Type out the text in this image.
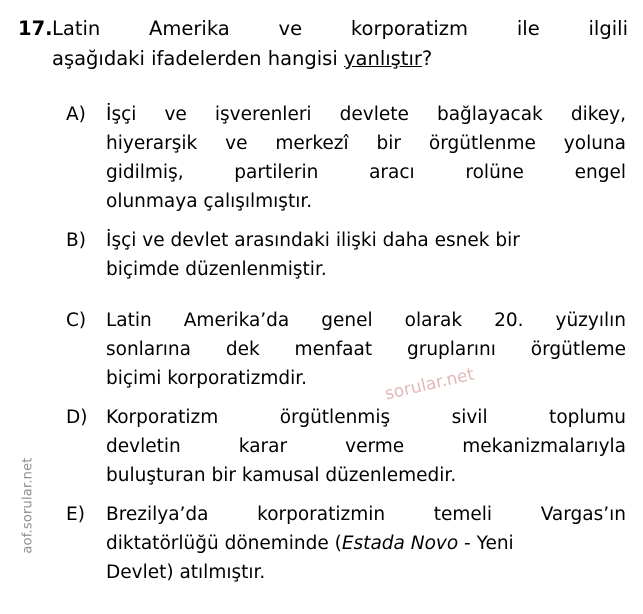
aof.sorular.net
sorular.net
17. Latin Amerika ve korporatizm ile ilgili
aşağıdaki ifadelerden hangisi yanlıştır?
A)	İşçi ve işverenleri devlete bağlayacak dikey,
hiyerarşik ve merkezî bir örgütlenme yoluna
gidilmiş, partilerin aracı rolüne engel
olunmaya çalışılmıştır.
B)	İşçi ve devlet arasındaki ilişki daha esnek bir
biçimde düzenlenmiştir.
C)	Latin Amerika’da genel olarak 20. yüzyılın
sonlarına dek menfaat gruplarını örgütleme
biçimi korporatizmdir.
D)	Korporatizm örgütlenmiş sivil toplumu
devletin karar verme mekanizmalarıyla
buluşturan bir kamusal düzenlemedir.
E)	Brezilya’da korporatizmin temeli Vargas’ın
diktatörlüğü döneminde (Estada Novo - Yeni
Devlet) atılmıştır.
